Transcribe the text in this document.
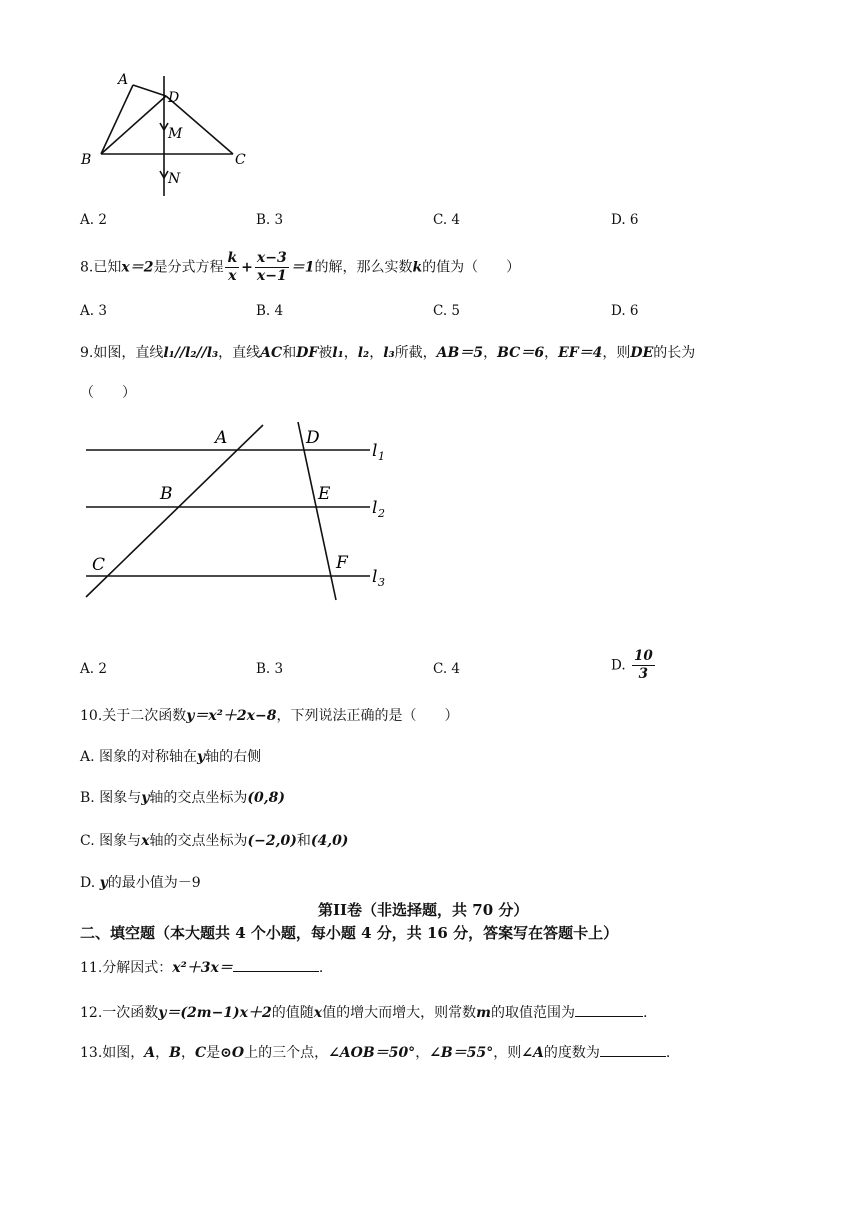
A
D
M
B	C
N
A. 2	B. 3	C. 4	D. 6
8.已知x＝2是分式方程 $\frac{k}{x} + \frac{x-3}{x-1} =1$的解，那么实数k的值为（　　）
A. 3	B. 4	C. 5	D. 6
9.如图，直线l₁//l₂//l₃，直线AC和DF被l₁，l₂，l₃所截，AB＝5，BC＝6，EF＝4，则DE的长为
（　　）
A	D
l 1
B	E
l 2
C	F
l 3
A. 2	B. 3	C. 4	D. $\frac{10}{3}$
10.关于二次函数y＝x²＋2x−8，下列说法正确的是（　　）
A. 图象的对称轴在y轴的右侧
B. 图象与y轴的交点坐标为(0,8)
C. 图象与x轴的交点坐标为(−2,0)和(4,0)
D. y的最小值为－9
第II卷（非选择题，共 70 分）
二、填空题（本大题共 4 个小题，每小题 4 分，共 16 分，答案写在答题卡上）
11.分解因式：x²＋3x＝	.
12.一次函数y＝(2m−1)x＋2的值随x值的增大而增大，则常数m的取值范围为	.
13.如图，A，B，C是⊙O上的三个点，∠AOB＝50°，∠B＝55°，则∠A的度数为	.
